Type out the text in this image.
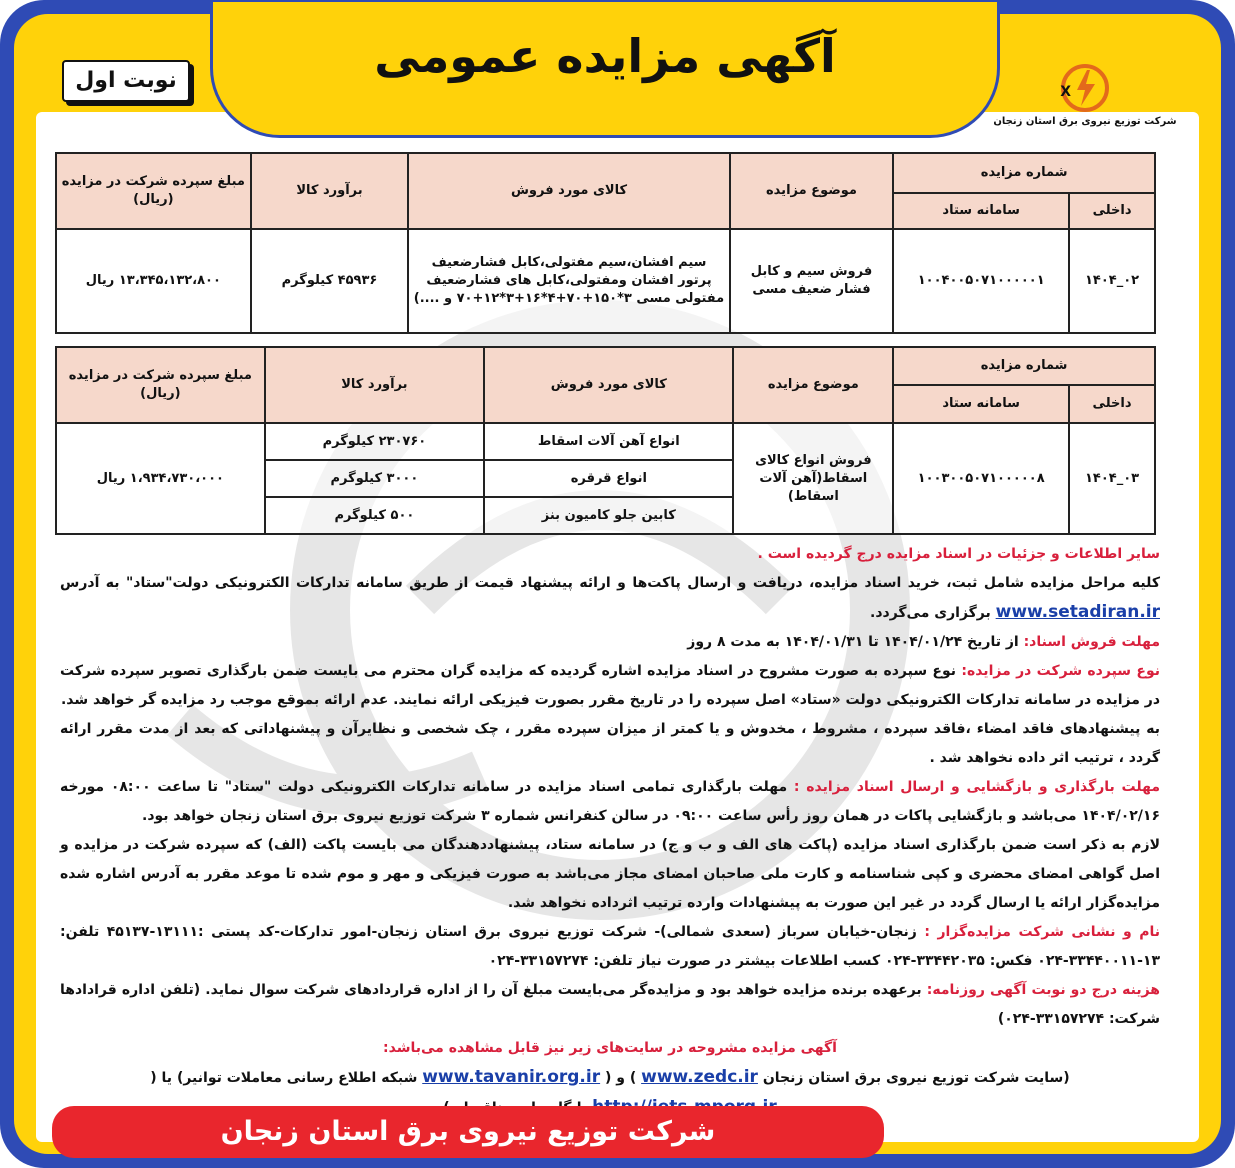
آگهی مزایده عمومی
نوبت اول	X
شرکت توزیع نیروی برق استان زنجان
شماره مزایده		موضوع مزایده	کالای مورد فروش	برآورد کالا	مبلغ سپرده شرکت در مزایده (ریال)
داخلی	سامانه ستاد				
۰۲_۱۴۰۴	۱۰۰۴۰۰۵۰۷۱۰۰۰۰۰۱	فروش سیم و کابل فشار ضعیف مسی	سیم افشان،سیم مفتولی،کابل فشارضعیف پرتور افشان ومفتولی،کابل های فشارضعیف مفتولی مسی ۳*۱۵۰+۷۰+۴*۱۶+۳*۱۲+۷۰ و ....)	۴۵۹۳۶ کیلوگرم	۱۳،۳۴۵،۱۳۲،۸۰۰ ریال
شماره مزایده		موضوع مزایده	کالای مورد فروش	برآورد کالا	مبلغ سپرده شرکت در مزایده (ریال)
داخلی	سامانه ستاد				
۰۳_۱۴۰۴	۱۰۰۳۰۰۵۰۷۱۰۰۰۰۰۸	فروش انواع کالای اسقاط(آهن آلات اسقاط)	انواع آهن آلات اسقاط	۲۳۰۷۶۰ کیلوگرم	۱،۹۳۴،۷۳۰،۰۰۰ ریال
			انواع قرقره	۳۰۰۰ کیلوگرم	
			کابین جلو کامیون بنز	۵۰۰ کیلوگرم	

سایر اطلاعات و جزئیات در اسناد مزایده درج گردیده است .

کلیه مراحل مزایده شامل ثبت، خرید اسناد مزایده، دریافت و ارسال پاکت‌ها و ارائه پیشنهاد قیمت از طریق سامانه تدارکات الکترونیکی دولت"ستاد" به آدرس www.setadiran.ir برگزاری می‌گردد.

مهلت فروش اسناد: از تاریخ ۱۴۰۴/۰۱/۲۴ تا ۱۴۰۴/۰۱/۳۱ به مدت ۸ روز

نوع سپرده شرکت در مزایده: نوع سپرده به صورت مشروح در اسناد مزایده اشاره گردیده که مزایده گران محترم می بایست ضمن بارگذاری تصویر سپرده شرکت در مزایده در سامانه تدارکات الکترونیکی دولت «ستاد» اصل سپرده را در تاریخ مقرر بصورت فیزیکی ارائه نمایند. عدم ارائه بموقع موجب رد مزایده گر خواهد شد.

به پیشنهادهای فاقد امضاء ،فاقد سپرده ، مشروط ، مخدوش و یا کمتر از میزان سپرده مقرر ، چک شخصی و نظایرآن و پیشنهاداتی که بعد از مدت مقرر ارائه گردد ، ترتیب اثر داده نخواهد شد .

مهلت بارگذاری و بازگشایی و ارسال اسناد مزایده : مهلت بارگذاری تمامی اسناد مزایده در سامانه تدارکات الکترونیکی دولت "ستاد" تا ساعت ۰۸:۰۰ مورخه ۱۴۰۴/۰۲/۱۶ می‌باشد و بازگشایی پاکات در همان روز رأس ساعت ۰۹:۰۰ در سالن کنفرانس شماره ۳ شرکت توزیع نیروی برق استان زنجان خواهد بود.

لازم به ذکر است ضمن بارگذاری اسناد مزایده (پاکت های الف و ب و ج) در سامانه ستاد، پیشنهاددهندگان می بایست پاکت (الف) که سپرده شرکت در مزایده و اصل گواهی امضای محضری و کپی شناسنامه و کارت ملی صاحبان امضای مجاز می‌باشد به صورت فیزیکی و مهر و موم شده تا موعد مقرر به آدرس اشاره شده مزایده‌گزار ارائه یا ارسال گردد در غیر این صورت به پیشنهادات وارده ترتیب اثرداده نخواهد شد.

نام و نشانی شرکت مزایده‌گزار : زنجان-خیابان سرباز (سعدی شمالی)- شرکت توزیع نیروی برق استان زنجان-امور تدارکات-کد پستی :۱۳۱۱۱-۴۵۱۳۷ تلفن: ۱۳-۳۳۴۴۰۰۱۱-۰۲۴ فکس: ۳۳۴۴۲۰۳۵-۰۲۴ کسب اطلاعات بیشتر در صورت نیاز تلفن: ۳۳۱۵۷۲۷۴-۰۲۴

هزینه درج دو نوبت آگهی روزنامه: برعهده برنده مزایده خواهد بود و مزایده‌گر می‌بایست مبلغ آن را از اداره قراردادهای شرکت سوال نماید. (تلفن اداره قرادادها شرکت: ۳۳۱۵۷۲۷۴-۰۲۴)

آگهی مزایده مشروحه در سایت‌های زیر نیز قابل مشاهده می‌باشد:

(سایت شرکت توزیع نیروی برق استان زنجان www.zedc.ir ) و ( www.tavanir.org.ir شبکه اطلاع رسانی معاملات توانیر) یا (

شرکت توزیع نیروی برق استان زنجان
